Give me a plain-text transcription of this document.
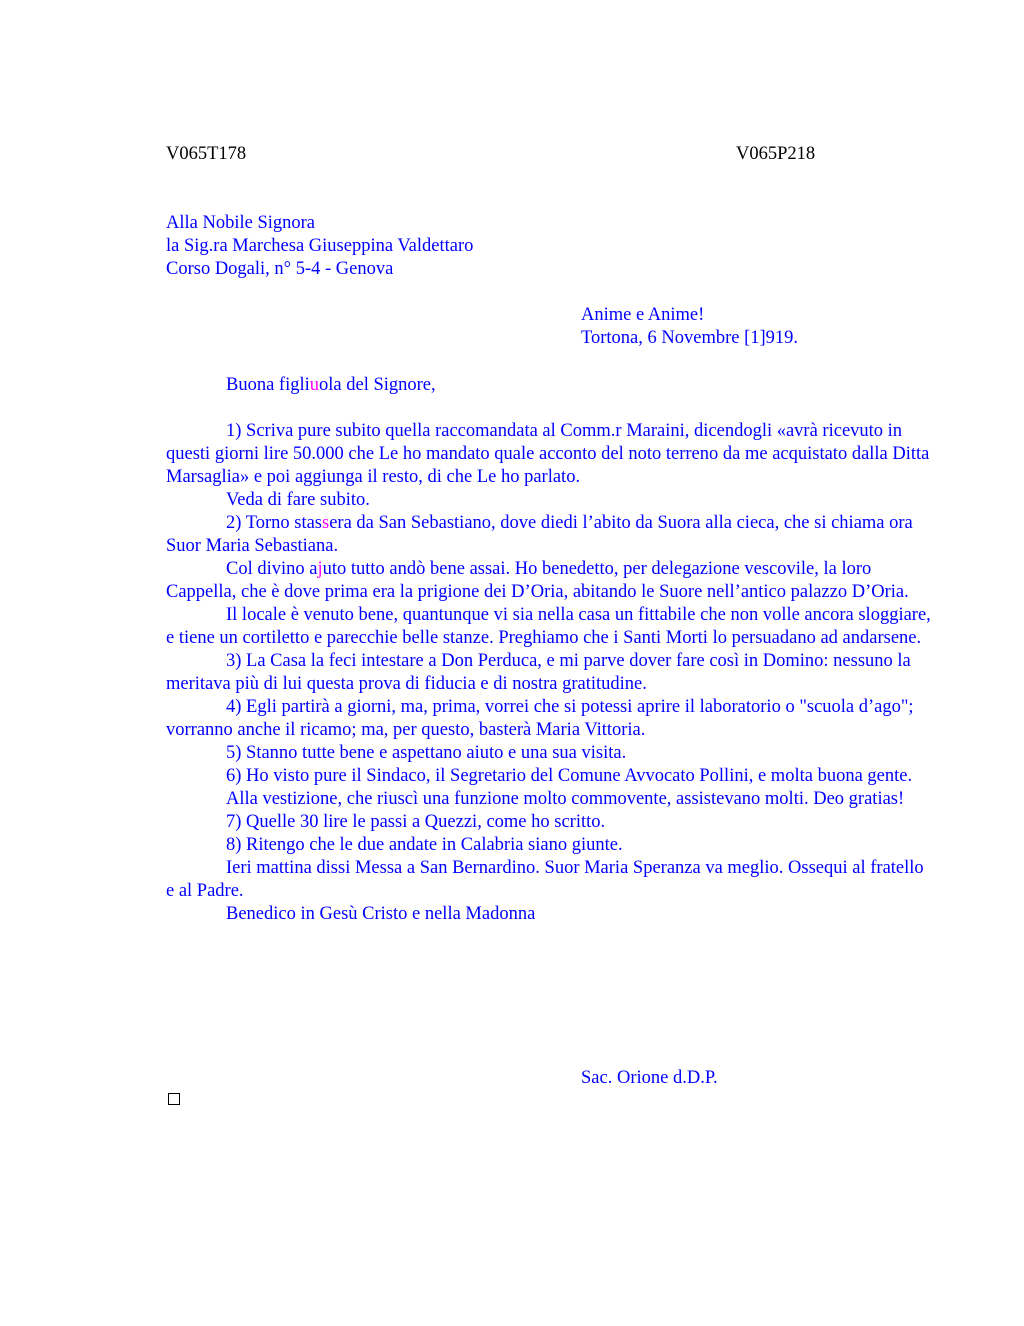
V065T178	V065P218
Alla Nobile Signora
la Sig.ra Marchesa Giuseppina Valdettaro
Corso Dogali, n° 5-4 - Genova
Anime e Anime!
Tortona, 6 Novembre [1]919.
Buona figliuola del Signore,

1) Scriva pure subito quella raccomandata al Comm.r Maraini, dicendogli «avrà ricevuto in questi giorni lire 50.000 che Le ho mandato quale acconto del noto terreno da me acquistato dalla Ditta Marsaglia» e poi aggiunga il resto, di che Le ho parlato.

Veda di fare subito.

2) Torno stassera da San Sebastiano, dove diedi l’abito da Suora alla cieca, che si chiama ora Suor Maria Sebastiana.

Col divino ajuto tutto andò bene assai. Ho benedetto, per delegazione vescovile, la loro Cappella, che è dove prima era la prigione dei D’Oria, abitando le Suore nell’antico palazzo D’Oria.

Il locale è venuto bene, quantunque vi sia nella casa un fittabile che non volle ancora sloggiare, e tiene un cortiletto e parecchie belle stanze. Preghiamo che i Santi Morti lo persuadano ad andarsene.

3) La Casa la feci intestare a Don Perduca, e mi parve dover fare così in Domino: nessuno la meritava più di lui questa prova di fiducia e di nostra gratitudine.

4) Egli partirà a giorni, ma, prima, vorrei che si potessi aprire il laboratorio o "scuola d’ago"; vorranno anche il ricamo; ma, per questo, basterà Maria Vittoria.

5) Stanno tutte bene e aspettano aiuto e una sua visita.

6) Ho visto pure il Sindaco, il Segretario del Comune Avvocato Pollini, e molta buona gente.

Alla vestizione, che riuscì una funzione molto commovente, assistevano molti. Deo gratias!

7) Quelle 30 lire le passi a Quezzi, come ho scritto.

8) Ritengo che le due andate in Calabria siano giunte.

Ieri mattina dissi Messa a San Bernardino. Suor Maria Speranza va meglio. Ossequi al fratello e al Padre.

Benedico in Gesù Cristo e nella Madonna

Sac. Orione d.D.P.
